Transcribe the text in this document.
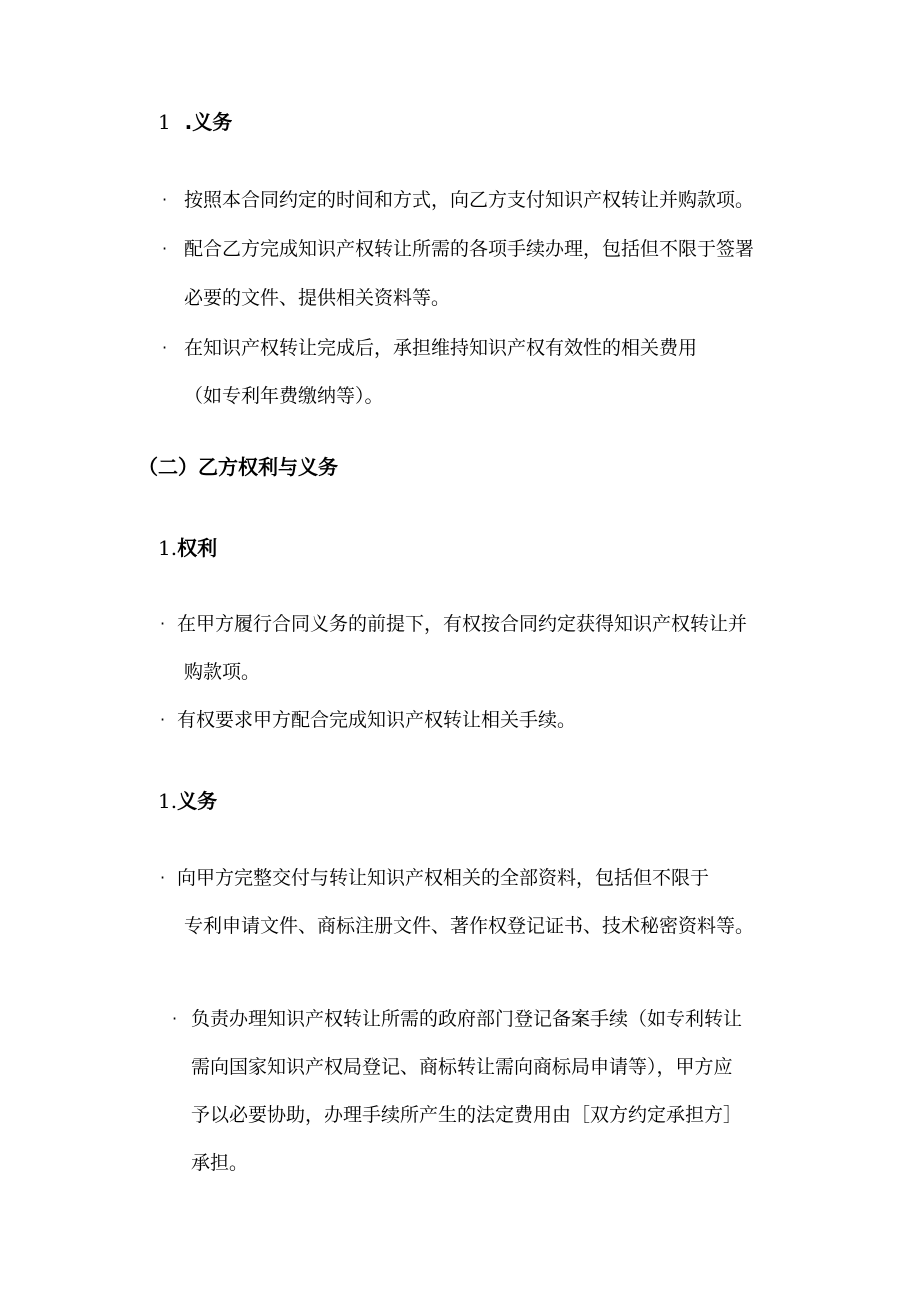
1 .义务
· 按照本合同约定的时间和方式，向乙方支付知识产权转让并购款项。
· 配合乙方完成知识产权转让所需的各项手续办理，包括但不限于签署
必要的文件、提供相关资料等。
· 在知识产权转让完成后，承担维持知识产权有效性的相关费用
（如专利年费缴纳等）。
（二）乙方权利与义务
1.权利
· 在甲方履行合同义务的前提下，有权按合同约定获得知识产权转让并
购款项。
· 有权要求甲方配合完成知识产权转让相关手续。
1.义务
· 向甲方完整交付与转让知识产权相关的全部资料，包括但不限于
专利申请文件、商标注册文件、著作权登记证书、技术秘密资料等。
· 负责办理知识产权转让所需的政府部门登记备案手续（如专利转让
需向国家知识产权局登记、商标转让需向商标局申请等），甲方应
予以必要协助，办理手续所产生的法定费用由［双方约定承担方］
承担。
